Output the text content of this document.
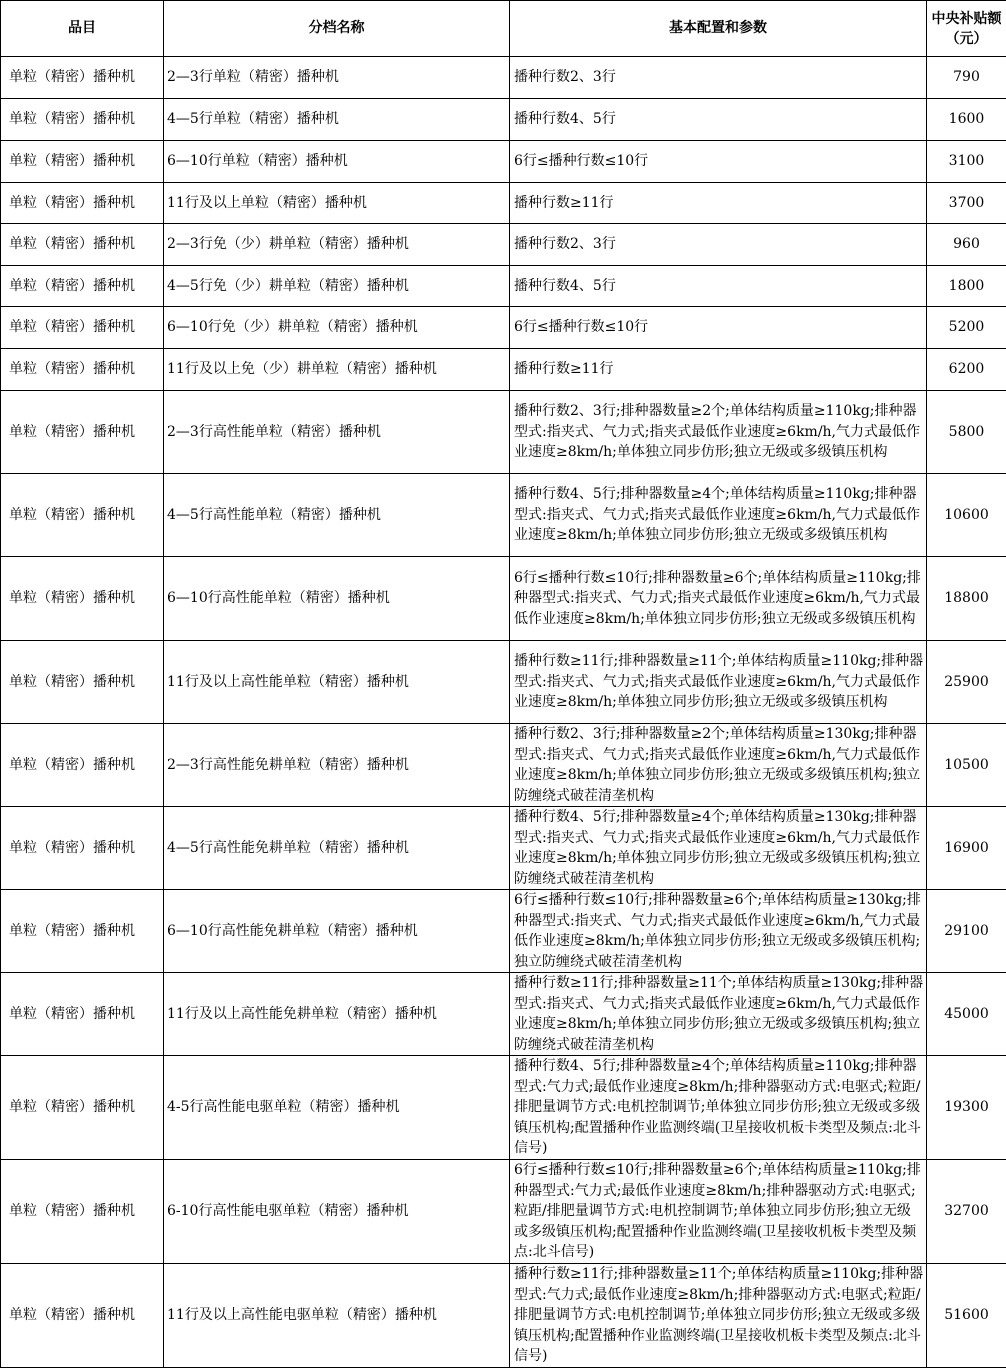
品目	分档名称	基本配置和参数	中央补贴额（元）
单粒（精密）播种机	2—3行单粒（精密）播种机	播种行数2、3行	790
单粒（精密）播种机	4—5行单粒（精密）播种机	播种行数4、5行	1600
单粒（精密）播种机	6—10行单粒（精密）播种机	6行≤播种行数≤10行	3100
单粒（精密）播种机	11行及以上单粒（精密）播种机	播种行数≥11行	3700
单粒（精密）播种机	2—3行免（少）耕单粒（精密）播种机	播种行数2、3行	960
单粒（精密）播种机	4—5行免（少）耕单粒（精密）播种机	播种行数4、5行	1800
单粒（精密）播种机	6—10行免（少）耕单粒（精密）播种机	6行≤播种行数≤10行	5200
单粒（精密）播种机	11行及以上免（少）耕单粒（精密）播种机	播种行数≥11行	6200
单粒（精密）播种机	2—3行高性能单粒（精密）播种机	播种行数2、3行;排种器数量≥2个;单体结构质量≥110kg;排种器型式:指夹式、气力式;指夹式最低作业速度≥6km/h,气力式最低作业速度≥8km/h;单体独立同步仿形;独立无级或多级镇压机构	5800
单粒（精密）播种机	4—5行高性能单粒（精密）播种机	播种行数4、5行;排种器数量≥4个;单体结构质量≥110kg;排种器型式:指夹式、气力式;指夹式最低作业速度≥6km/h,气力式最低作业速度≥8km/h;单体独立同步仿形;独立无级或多级镇压机构	10600
单粒（精密）播种机	6—10行高性能单粒（精密）播种机	6行≤播种行数≤10行;排种器数量≥6个;单体结构质量≥110kg;排种器型式:指夹式、气力式;指夹式最低作业速度≥6km/h,气力式最低作业速度≥8km/h;单体独立同步仿形;独立无级或多级镇压机构	18800
单粒（精密）播种机	11行及以上高性能单粒（精密）播种机	播种行数≥11行;排种器数量≥11个;单体结构质量≥110kg;排种器型式:指夹式、气力式;指夹式最低作业速度≥6km/h,气力式最低作业速度≥8km/h;单体独立同步仿形;独立无级或多级镇压机构	25900
单粒（精密）播种机	2—3行高性能免耕单粒（精密）播种机	播种行数2、3行;排种器数量≥2个;单体结构质量≥130kg;排种器型式:指夹式、气力式;指夹式最低作业速度≥6km/h,气力式最低作业速度≥8km/h;单体独立同步仿形;独立无级或多级镇压机构;独立防缠绕式破茬清垄机构	10500
单粒（精密）播种机	4—5行高性能免耕单粒（精密）播种机	播种行数4、5行;排种器数量≥4个;单体结构质量≥130kg;排种器型式:指夹式、气力式;指夹式最低作业速度≥6km/h,气力式最低作业速度≥8km/h;单体独立同步仿形;独立无级或多级镇压机构;独立防缠绕式破茬清垄机构	16900
单粒（精密）播种机	6—10行高性能免耕单粒（精密）播种机	6行≤播种行数≤10行;排种器数量≥6个;单体结构质量≥130kg;排种器型式:指夹式、气力式;指夹式最低作业速度≥6km/h,气力式最低作业速度≥8km/h;单体独立同步仿形;独立无级或多级镇压机构;独立防缠绕式破茬清垄机构	29100
单粒（精密）播种机	11行及以上高性能免耕单粒（精密）播种机	播种行数≥11行;排种器数量≥11个;单体结构质量≥130kg;排种器型式:指夹式、气力式;指夹式最低作业速度≥6km/h,气力式最低作业速度≥8km/h;单体独立同步仿形;独立无级或多级镇压机构;独立防缠绕式破茬清垄机构	45000
单粒（精密）播种机	4-5行高性能电驱单粒（精密）播种机	播种行数4、5行;排种器数量≥4个;单体结构质量≥110kg;排种器型式:气力式;最低作业速度≥8km/h;排种器驱动方式:电驱式;粒距/排肥量调节方式:电机控制调节;单体独立同步仿形;独立无级或多级镇压机构;配置播种作业监测终端(卫星接收机板卡类型及频点:北斗信号)	19300
单粒（精密）播种机	6-10行高性能电驱单粒（精密）播种机	6行≤播种行数≤10行;排种器数量≥6个;单体结构质量≥110kg;排种器型式:气力式;最低作业速度≥8km/h;排种器驱动方式:电驱式;粒距/排肥量调节方式:电机控制调节;单体独立同步仿形;独立无级或多级镇压机构;配置播种作业监测终端(卫星接收机板卡类型及频点:北斗信号)	32700
单粒（精密）播种机	11行及以上高性能电驱单粒（精密）播种机	播种行数≥11行;排种器数量≥11个;单体结构质量≥110kg;排种器型式:气力式;最低作业速度≥8km/h;排种器驱动方式:电驱式;粒距/排肥量调节方式:电机控制调节;单体独立同步仿形;独立无级或多级镇压机构;配置播种作业监测终端(卫星接收机板卡类型及频点:北斗信号)	51600
